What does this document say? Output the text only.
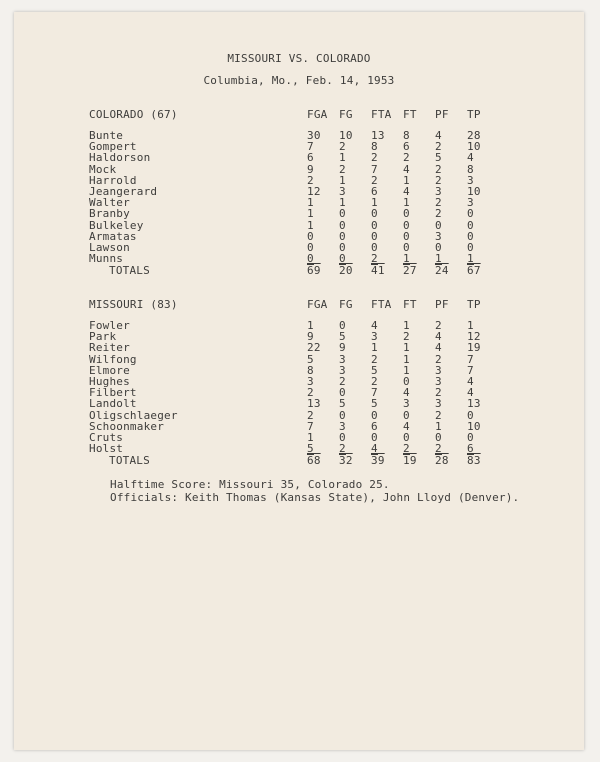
MISSOURI VS. COLORADO
Columbia, Mo., Feb. 14, 1953
COLORADO (67)	FGA	FG	FTA	FT	PF	TP
Bunte	30	10	13	8	4	28
Gompert	7	2	8	6	2	10
Haldorson	6	1	2	2	5	4
Mock	9	2	7	4	2	8
Harrold	2	1	2	1	2	3
Jeangerard	12	3	6	4	3	10
Walter	1	1	1	1	2	3
Branby	1	0	0	0	2	0
Bulkeley	1	0	0	0	0	0
Armatas	0	0	0	0	3	0
Lawson	0	0	0	0	0	0
Munns	0	0	2	1	1	1
TOTALS	69	20	41	27	24	67
MISSOURI (83)	FGA	FG	FTA	FT	PF	TP
Fowler	1	0	4	1	2	1
Park	9	5	3	2	4	12
Reiter	22	9	1	1	4	19
Wilfong	5	3	2	1	2	7
Elmore	8	3	5	1	3	7
Hughes	3	2	2	0	3	4
Filbert	2	0	7	4	2	4
Landolt	13	5	5	3	3	13
Oligschlaeger	2	0	0	0	2	0
Schoonmaker	7	3	6	4	1	10
Cruts	1	0	0	0	0	0
Holst	5	2	4	2	2	6
TOTALS	68	32	39	19	28	83
Halftime Score: Missouri 35, Colorado 25.
Officials: Keith Thomas (Kansas State), John Lloyd (Denver).
